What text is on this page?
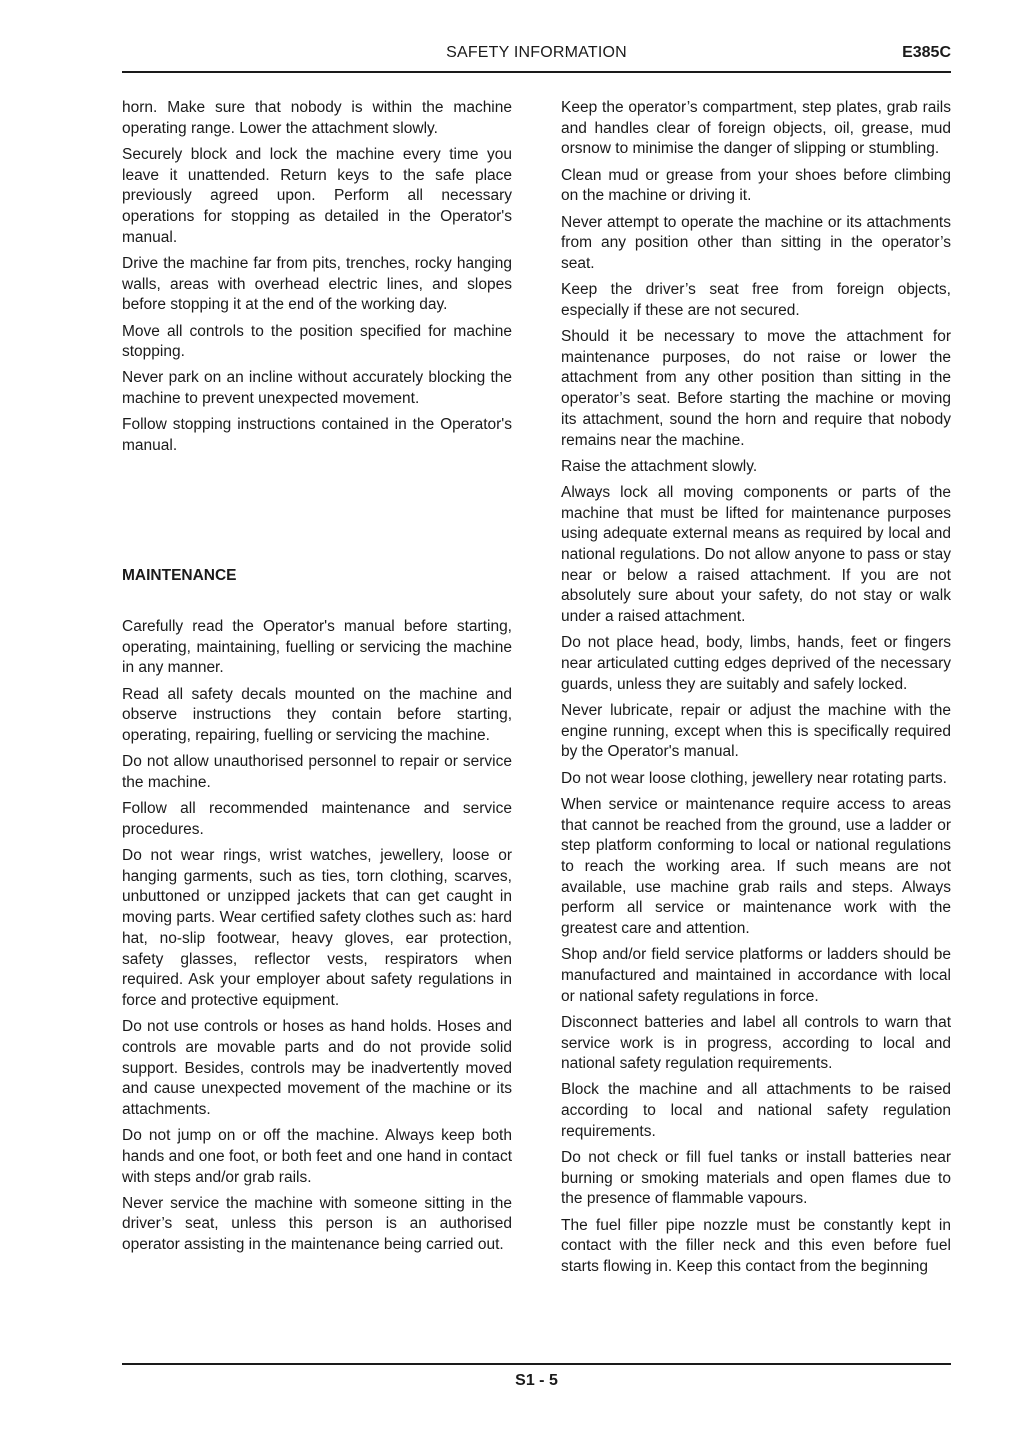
SAFETY INFORMATION	E385C

horn. Make sure that nobody is within the machine operating range. Lower the attachment slowly.

Securely block and lock the machine every time you leave it unattended. Return keys to the safe place previously agreed upon. Perform all necessary operations for stopping as detailed in the Operator's manual.

Drive the machine far from pits, trenches, rocky hanging walls, areas with overhead electric lines, and slopes before stopping it at the end of the working day.

Move all controls to the position specified for machine stopping.

Never park on an incline without accurately blocking the machine to prevent unexpected movement.

Follow stopping instructions contained in the Operator's manual.

MAINTENANCE

Carefully read the Operator's manual before starting, operating, maintaining, fuelling or servicing the machine in any manner.

Read all safety decals mounted on the machine and observe instructions they contain before starting, operating, repairing, fuelling or servicing the machine.

Do not allow unauthorised personnel to repair or service the machine.

Follow all recommended maintenance and service procedures.

Do not wear rings, wrist watches, jewellery, loose or hanging garments, such as ties, torn clothing, scarves, unbuttoned or unzipped jackets that can get caught in moving parts. Wear certified safety clothes such as: hard hat, no-slip footwear, heavy gloves, ear protection, safety glasses, reflector vests, respirators when required. Ask your employer about safety regulations in force and protective equipment.

Do not use controls or hoses as hand holds. Hoses and controls are movable parts and do not provide solid support. Besides, controls may be inadvertently moved and cause unexpected movement of the machine or its attachments.

Do not jump on or off the machine. Always keep both hands and one foot, or both feet and one hand in contact with steps and/or grab rails.

Never service the machine with someone sitting in the driver’s seat, unless this person is an authorised operator assisting in the maintenance being carried out.

Keep the operator’s compartment, step plates, grab rails and handles clear of foreign objects, oil, grease, mud orsnow to minimise the danger of slipping or stumbling.

Clean mud or grease from your shoes before climbing on the machine or driving it.

Never attempt to operate the machine or its attachments from any position other than sitting in the operator’s seat.

Keep the driver’s seat free from foreign objects, especially if these are not secured.

Should it be necessary to move the attachment for maintenance purposes, do not raise or lower the attachment from any other position than sitting in the operator’s seat. Before starting the machine or moving its attachment, sound the horn and require that nobody remains near the machine.

Raise the attachment slowly.

Always lock all moving components or parts of the machine that must be lifted for maintenance purposes using adequate external means as required by local and national regulations. Do not allow anyone to pass or stay near or below a raised attachment. If you are not absolutely sure about your safety, do not stay or walk under a raised attachment.

Do not place head, body, limbs, hands, feet or fingers near articulated cutting edges deprived of the necessary guards, unless they are suitably and safely locked.

Never lubricate, repair or adjust the machine with the engine running, except when this is specifically required by the Operator's manual.

Do not wear loose clothing, jewellery near rotating parts.

When service or maintenance require access to areas that cannot be reached from the ground, use a ladder or step platform conforming to local or national regulations to reach the working area. If such means are not available, use machine grab rails and steps. Always perform all service or maintenance work with the greatest care and attention.

Shop and/or field service platforms or ladders should be manufactured and maintained in accordance with local or national safety regulations in force.

Disconnect batteries and label all controls to warn that service work is in progress, according to local and national safety regulation requirements.

Block the machine and all attachments to be raised according to local and national safety regulation requirements.

Do not check or fill fuel tanks or install batteries near burning or smoking materials and open flames due to the presence of flammable vapours.

The fuel filler pipe nozzle must be constantly kept in contact with the filler neck and this even before fuel starts flowing in. Keep this contact from the beginning

S1 - 5
